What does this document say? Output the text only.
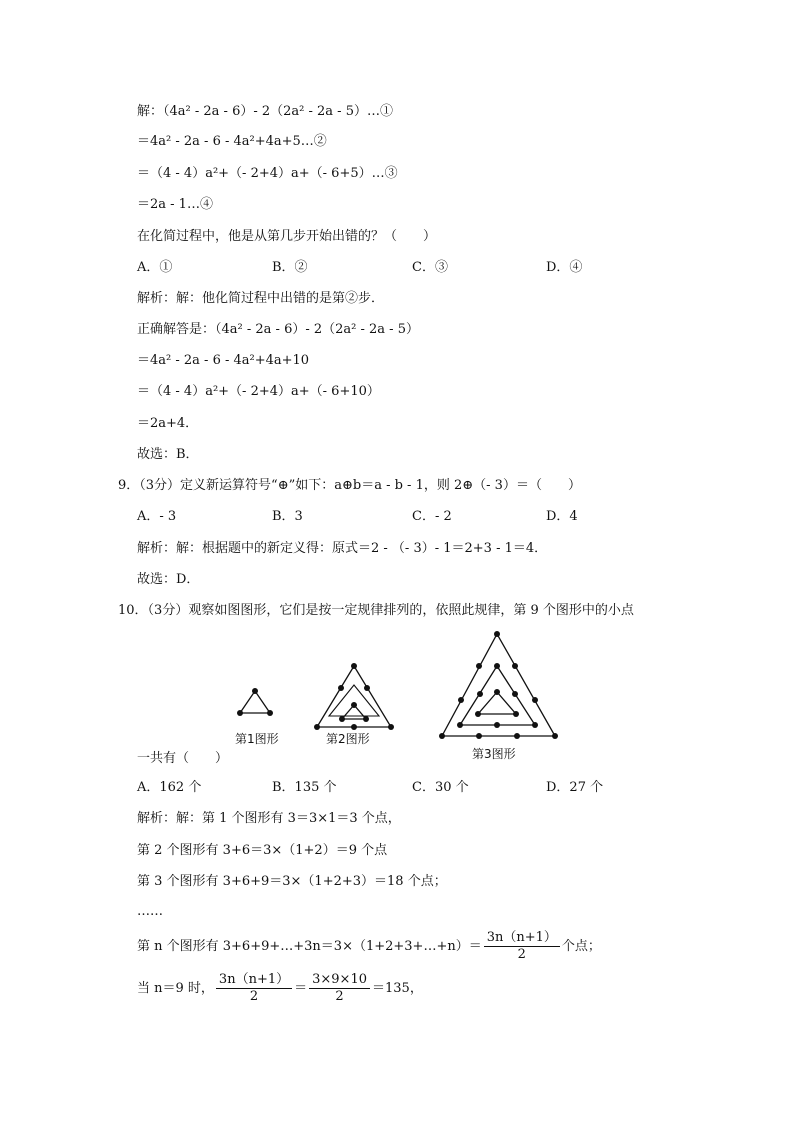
解：（4a² - 2a - 6）- 2（2a² - 2a - 5）…①
＝4a² - 2a - 6 - 4a²+4a+5…②
＝（4 - 4）a²+（- 2+4）a+（- 6+5）…③
＝2a - 1…④
在化简过程中，他是从第几步开始出错的？（　　）
A．①	B．②	C．③	D．④
解析：解：他化简过程中出错的是第②步．
正确解答是：（4a² - 2a - 6）- 2（2a² - 2a - 5）
＝4a² - 2a - 6 - 4a²+4a+10
＝（4 - 4）a²+（- 2+4）a+（- 6+10）
＝2a+4．
故选：B．
9．（3分）定义新运算符号“⊕”如下：a⊕b＝a - b - 1，则 2⊕（- 3）＝（　　）
A．- 3	B．3	C．- 2	D．4
解析：解：根据题中的新定义得：原式＝2 - （- 3）- 1＝2+3 - 1＝4．
故选：D．
10．（3分）观察如图图形，它们是按一定规律排列的，依照此规律，第 9 个图形中的小点
第1图形	第2图形
第3图形
一共有（　　）
A．162 个	B．135 个	C．30 个	D．27 个
解析：解：第 1 个图形有 3＝3×1＝3 个点，
第 2 个图形有 3+6＝3×（1+2）＝9 个点
第 3 个图形有 3+6+9＝3×（1+2+3）＝18 个点；
……
第 n 个图形有 3+6+9+…+3n＝3×（1+2+3+…+n）＝ $\frac{3n(n+1)}{2}$ 个点；
当 n＝9 时， $\frac{3n(n+1)}{2} = \frac{3\times 9\times 10}{2} =135$，
